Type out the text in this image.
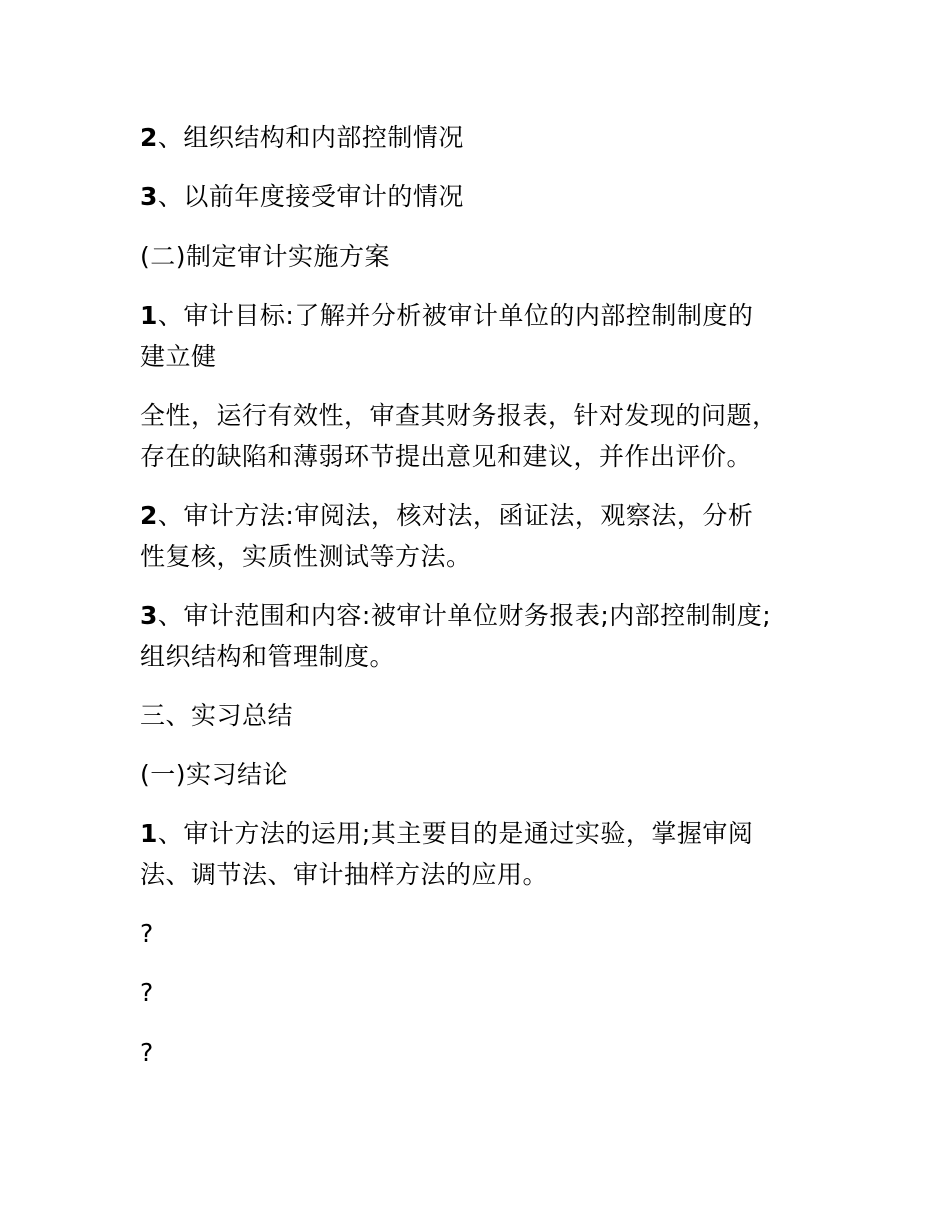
2、组织结构和内部控制情况
3、以前年度接受审计的情况
(二)制定审计实施方案
1、审计目标:了解并分析被审计单位的内部控制制度的
建立健
全性，运行有效性，审查其财务报表，针对发现的问题，
存在的缺陷和薄弱环节提出意见和建议，并作出评价。
2、审计方法:审阅法，核对法，函证法，观察法，分析
性复核，实质性测试等方法。
3、审计范围和内容:被审计单位财务报表;内部控制制度;
组织结构和管理制度。
三、实习总结
(一)实习结论
1、审计方法的运用;其主要目的是通过实验，掌握审阅
法、调节法、审计抽样方法的应用。
?
?
?
